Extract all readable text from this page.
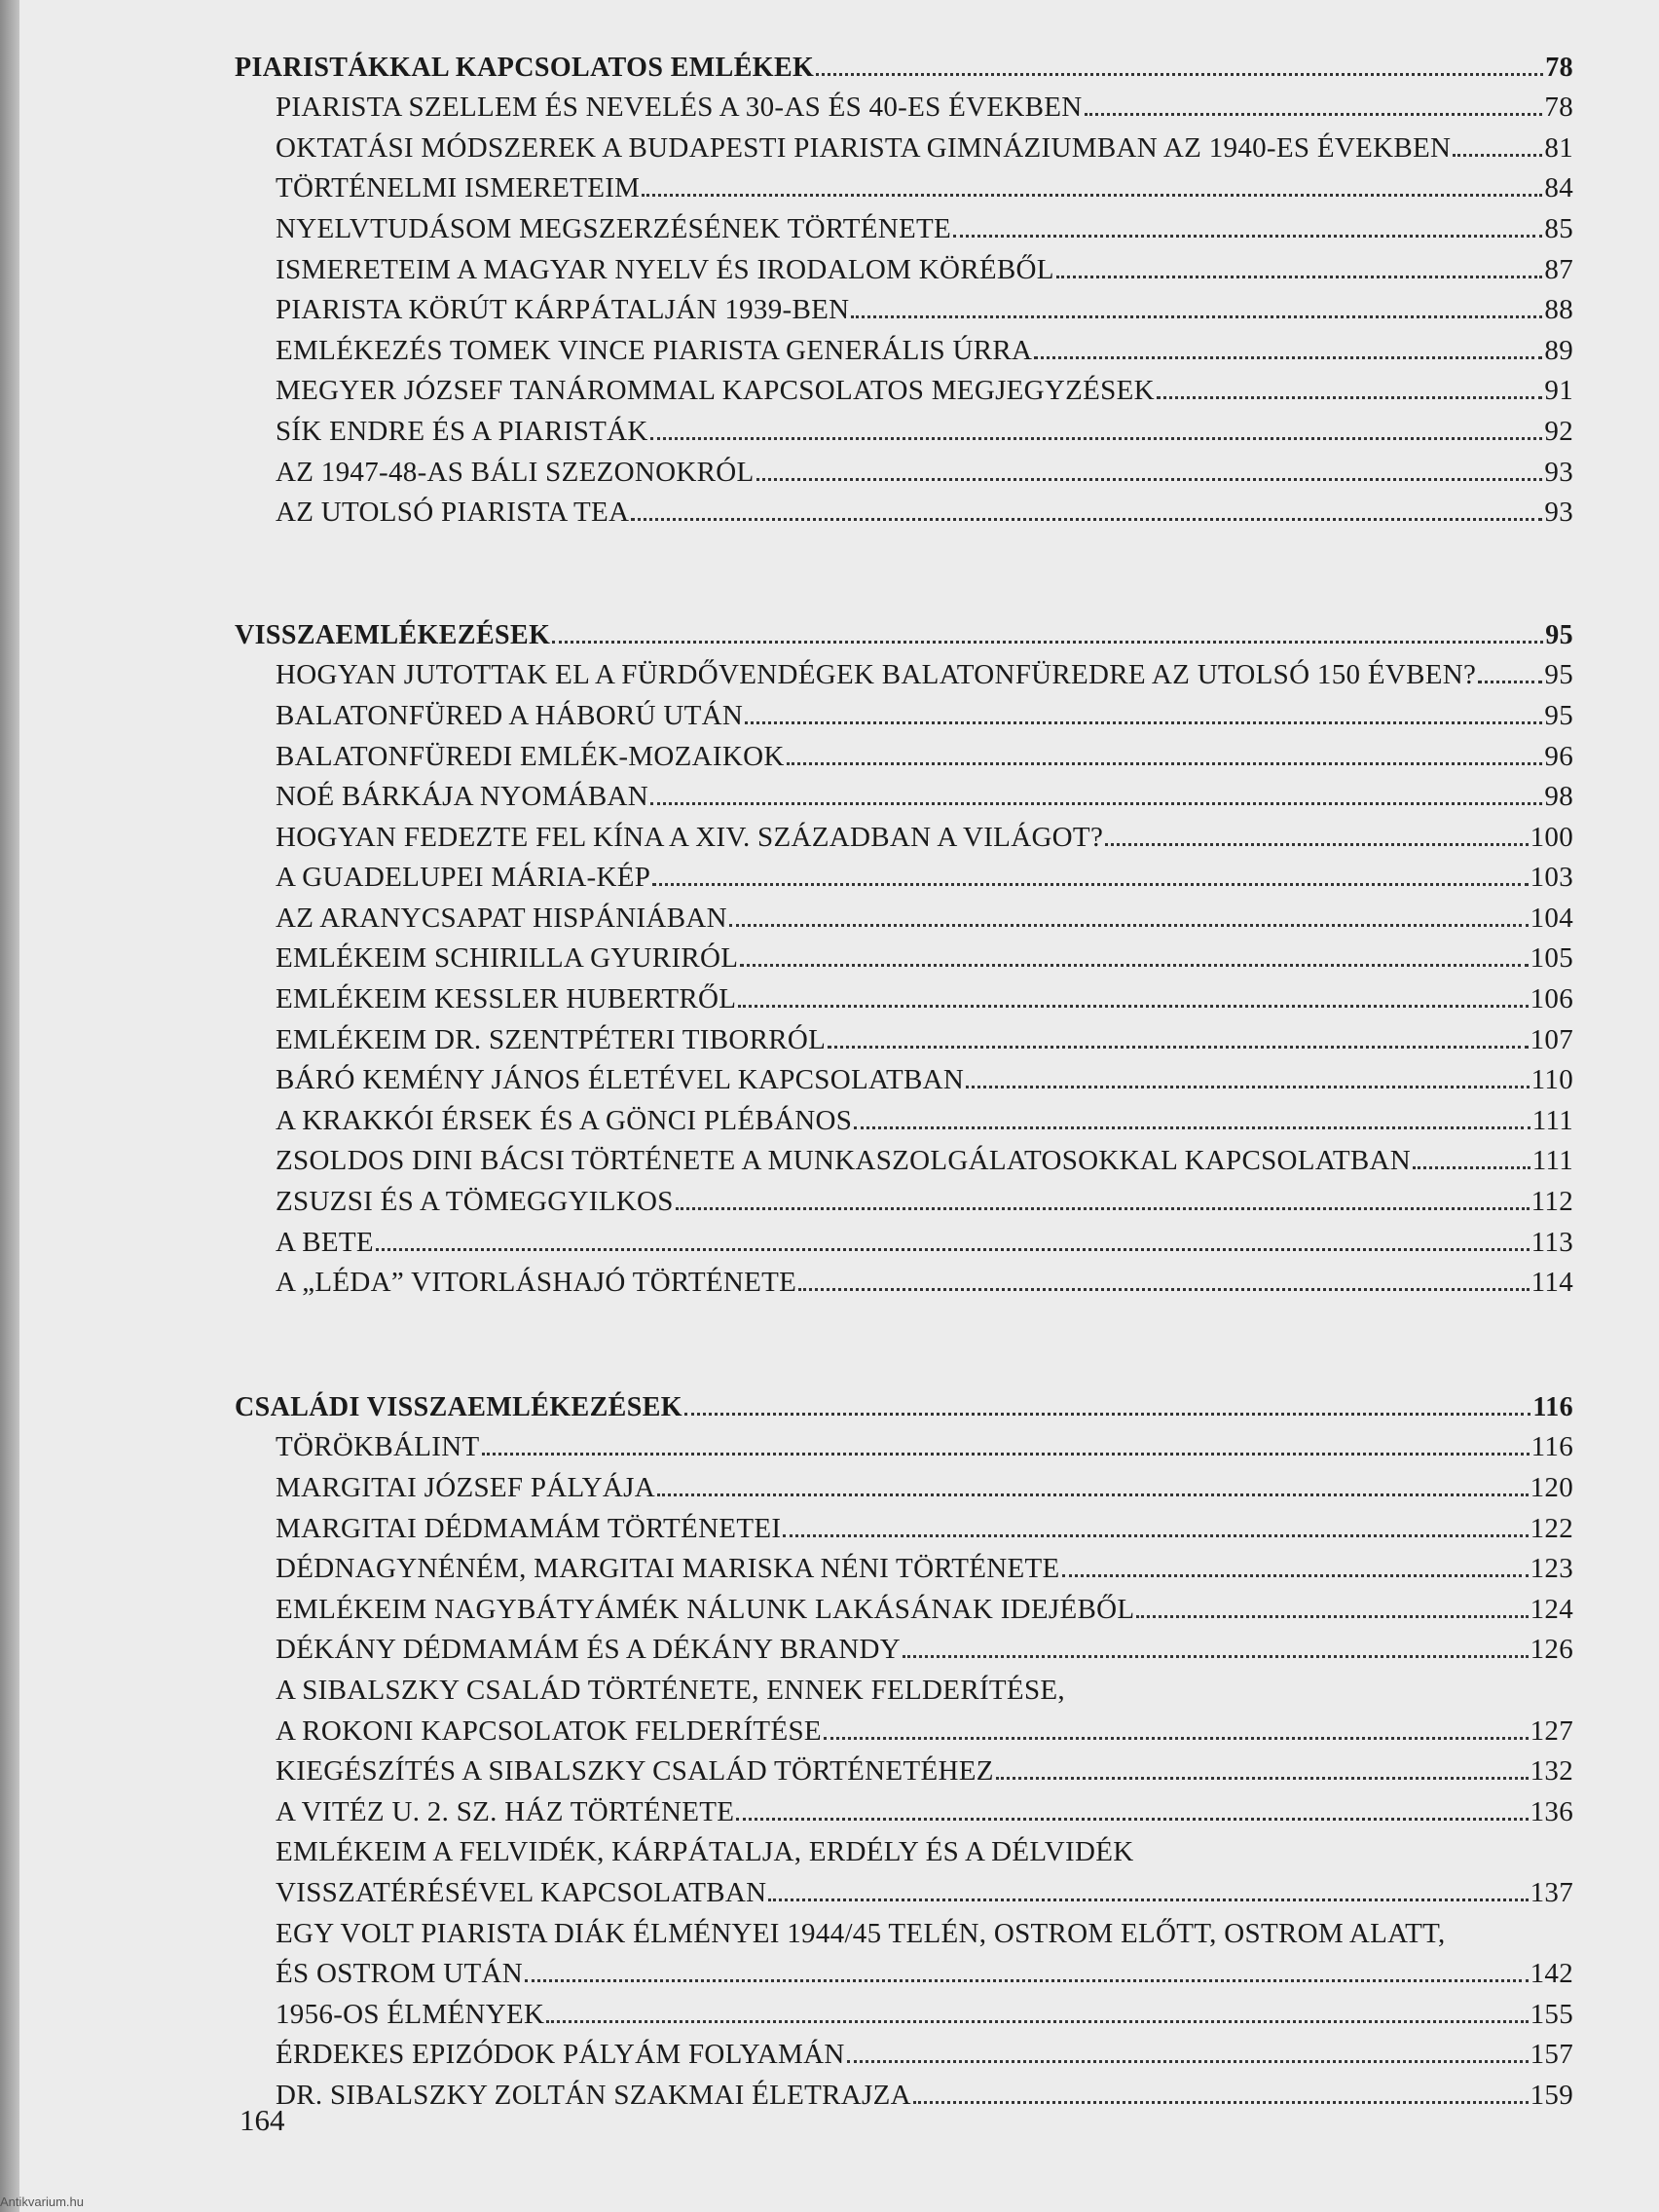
PIARISTÁKKAL KAPCSOLATOS EMLÉKEK	78
PIARISTA SZELLEM ÉS NEVELÉS A 30-AS ÉS 40-ES ÉVEKBEN	78
OKTATÁSI MÓDSZEREK A BUDAPESTI PIARISTA GIMNÁZIUMBAN AZ 1940-ES ÉVEKBEN	81
TÖRTÉNELMI ISMERETEIM	84
NYELVTUDÁSOM MEGSZERZÉSÉNEK TÖRTÉNETE	85
ISMERETEIM A MAGYAR NYELV ÉS IRODALOM KÖRÉBŐL	87
PIARISTA KÖRÚT KÁRPÁTALJÁN 1939-BEN	88
EMLÉKEZÉS TOMEK VINCE PIARISTA GENERÁLIS ÚRRA	89
MEGYER JÓZSEF TANÁROMMAL KAPCSOLATOS MEGJEGYZÉSEK	91
SÍK ENDRE ÉS A PIARISTÁK	92
AZ 1947-48-AS BÁLI SZEZONOKRÓL	93
AZ UTOLSÓ PIARISTA TEA	93
VISSZAEMLÉKEZÉSEK	95
HOGYAN JUTOTTAK EL A FÜRDŐVENDÉGEK BALATONFÜREDRE AZ UTOLSÓ 150 ÉVBEN? 95
BALATONFÜRED A HÁBORÚ UTÁN	95
BALATONFÜREDI EMLÉK-MOZAIKOK	96
NOÉ BÁRKÁJA NYOMÁBAN	98
HOGYAN FEDEZTE FEL KÍNA A XIV. SZÁZADBAN A VILÁGOT?	100
A GUADELUPEI MÁRIA-KÉP	103
AZ ARANYCSAPAT HISPÁNIÁBAN	104
EMLÉKEIM SCHIRILLA GYURIRÓL	105
EMLÉKEIM KESSLER HUBERTRŐL	106
EMLÉKEIM DR. SZENTPÉTERI TIBORRÓL	107
BÁRÓ KEMÉNY JÁNOS ÉLETÉVEL KAPCSOLATBAN	110
A KRAKKÓI ÉRSEK ÉS A GÖNCI PLÉBÁNOS	111
ZSOLDOS DINI BÁCSI TÖRTÉNETE A MUNKASZOLGÁLATOSOKKAL KAPCSOLATBAN	111
ZSUZSI ÉS A TÖMEGGYILKOS	112
A BETE	113
A „LÉDA” VITORLÁSHAJÓ TÖRTÉNETE	114
CSALÁDI VISSZAEMLÉKEZÉSEK	116
TÖRÖKBÁLINT	116
MARGITAI JÓZSEF PÁLYÁJA	120
MARGITAI DÉDMAMÁM TÖRTÉNETEI	122
DÉDNAGYNÉNÉM, MARGITAI MARISKA NÉNI TÖRTÉNETE	123
EMLÉKEIM NAGYBÁTYÁMÉK NÁLUNK LAKÁSÁNAK IDEJÉBŐL	124
DÉKÁNY DÉDMAMÁM ÉS A DÉKÁNY BRANDY	126
A SIBALSZKY CSALÁD TÖRTÉNETE, ENNEK FELDERÍTÉSE,
A ROKONI KAPCSOLATOK FELDERÍTÉSE	127
KIEGÉSZÍTÉS A SIBALSZKY CSALÁD TÖRTÉNETÉHEZ	132
A VITÉZ U. 2. SZ. HÁZ TÖRTÉNETE	136
EMLÉKEIM A FELVIDÉK, KÁRPÁTALJA, ERDÉLY ÉS A DÉLVIDÉK
VISSZATÉRÉSÉVEL KAPCSOLATBAN	137
EGY VOLT PIARISTA DIÁK ÉLMÉNYEI 1944/45 TELÉN, OSTROM ELŐTT, OSTROM ALATT,
ÉS OSTROM UTÁN	142
1956-OS ÉLMÉNYEK	155
ÉRDEKES EPIZÓDOK PÁLYÁM FOLYAMÁN	157
DR. SIBALSZKY ZOLTÁN SZAKMAI ÉLETRAJZA	159
164
Antikvarium.hu
